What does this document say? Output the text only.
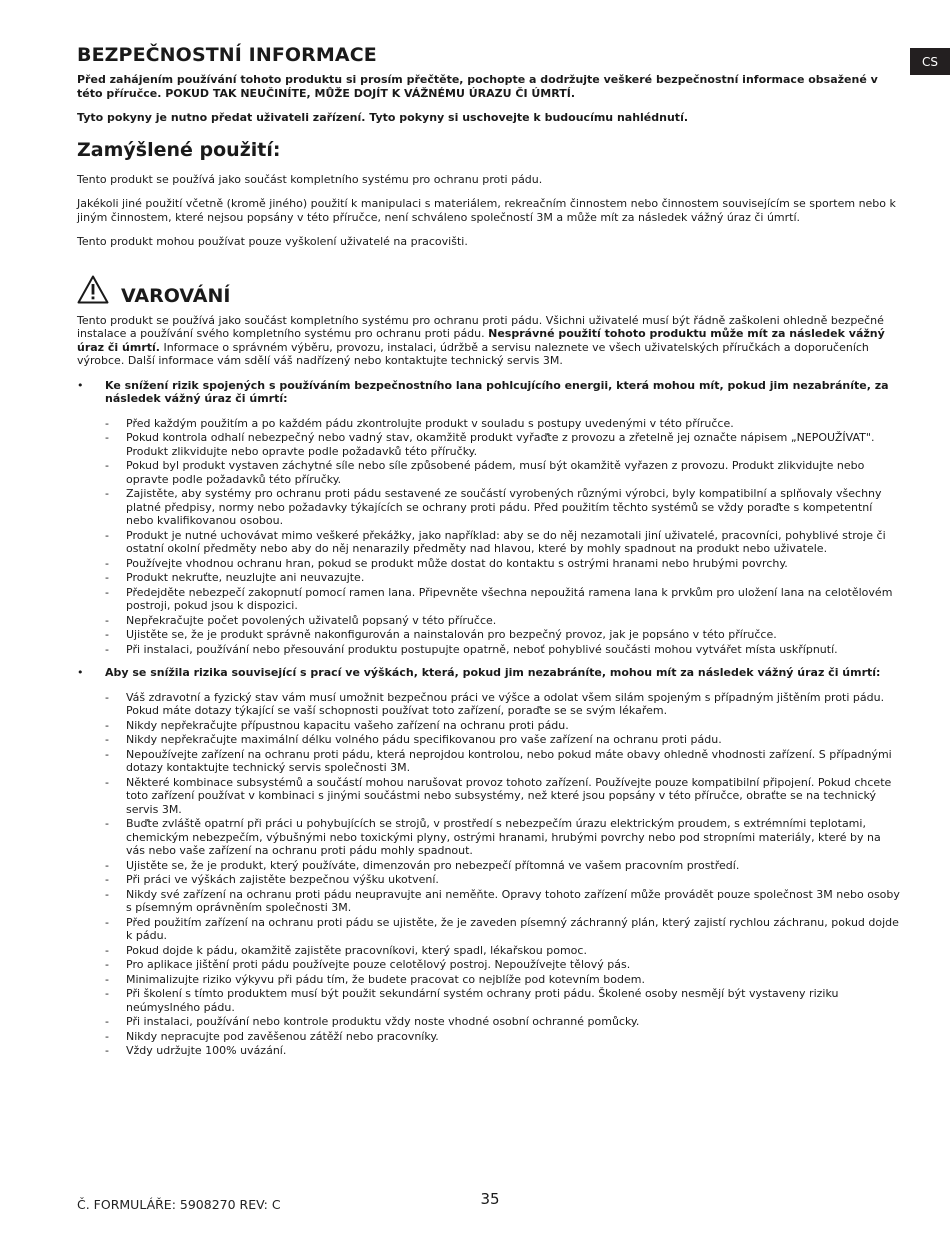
CS
BEZPEČNOSTNÍ INFORMACE

Před zahájením používání tohoto produktu si prosím přečtěte, pochopte a dodržujte veškeré bezpečnostní informace obsažené v této příručce. POKUD TAK NEUČINÍTE, MŮŽE DOJÍT K VÁŽNÉMU ÚRAZU ČI ÚMRTÍ.

Tyto pokyny je nutno předat uživateli zařízení. Tyto pokyny si uschovejte k budoucímu nahlédnutí.

Zamýšlené použití:

Tento produkt se používá jako součást kompletního systému pro ochranu proti pádu.

Jakékoli jiné použití včetně (kromě jiného) použití k manipulaci s materiálem, rekreačním činnostem nebo činnostem souvisejícím se sportem nebo k jiným činnostem, které nejsou popsány v této příručce, není schváleno společností 3M a může mít za následek vážný úraz či úmrtí.

Tento produkt mohou používat pouze vyškolení uživatelé na pracovišti.

VAROVÁNÍ

Tento produkt se používá jako součást kompletního systému pro ochranu proti pádu. Všichni uživatelé musí být řádně zaškoleni ohledně bezpečné instalace a používání svého kompletního systému pro ochranu proti pádu. Nesprávné použití tohoto produktu může mít za následek vážný úraz či úmrtí. Informace o správném výběru, provozu, instalaci, údržbě a servisu naleznete ve všech uživatelských příručkách a doporučeních výrobce. Další informace vám sdělí váš nadřízený nebo kontaktujte technický servis 3M.

• Ke snížení rizik spojených s používáním bezpečnostního lana pohlcujícího energii, která mohou mít, pokud jim nezabráníte, za následek vážný úraz či úmrtí:
- Před každým použitím a po každém pádu zkontrolujte produkt v souladu s postupy uvedenými v této příručce.
- Pokud kontrola odhalí nebezpečný nebo vadný stav, okamžitě produkt vyřaďte z provozu a zřetelně jej označte nápisem „NEPOUŽÍVAT". Produkt zlikvidujte nebo opravte podle požadavků této příručky.
- Pokud byl produkt vystaven záchytné síle nebo síle způsobené pádem, musí být okamžitě vyřazen z provozu. Produkt zlikvidujte nebo opravte podle požadavků této příručky.
- Zajistěte, aby systémy pro ochranu proti pádu sestavené ze součástí vyrobených různými výrobci, byly kompatibilní a splňovaly všechny platné předpisy, normy nebo požadavky týkajících se ochrany proti pádu. Před použitím těchto systémů se vždy poraďte s kompetentní nebo kvalifikovanou osobou.
- Produkt je nutné uchovávat mimo veškeré překážky, jako například: aby se do něj nezamotali jiní uživatelé, pracovníci, pohyblivé stroje či ostatní okolní předměty nebo aby do něj nenarazily předměty nad hlavou, které by mohly spadnout na produkt nebo uživatele.
- Používejte vhodnou ochranu hran, pokud se produkt může dostat do kontaktu s ostrými hranami nebo hrubými povrchy.
- Produkt nekruťte, neuzlujte ani neuvazujte.
- Předejděte nebezpečí zakopnutí pomocí ramen lana. Připevněte všechna nepoužitá ramena lana k prvkům pro uložení lana na celotělovém postroji, pokud jsou k dispozici.
- Nepřekračujte počet povolených uživatelů popsaný v této příručce.
- Ujistěte se, že je produkt správně nakonfigurován a nainstalován pro bezpečný provoz, jak je popsáno v této příručce.
- Při instalaci, používání nebo přesouvání produktu postupujte opatrně, neboť pohyblivé součásti mohou vytvářet místa uskřípnutí.
• Aby se snížila rizika související s prací ve výškách, která, pokud jim nezabráníte, mohou mít za následek vážný úraz či úmrtí:
- Váš zdravotní a fyzický stav vám musí umožnit bezpečnou práci ve výšce a odolat všem silám spojeným s případným jištěním proti pádu. Pokud máte dotazy týkající se vaší schopnosti používat toto zařízení, poraďte se se svým lékařem.
- Nikdy nepřekračujte přípustnou kapacitu vašeho zařízení na ochranu proti pádu.
- Nikdy nepřekračujte maximální délku volného pádu specifikovanou pro vaše zařízení na ochranu proti pádu.
- Nepoužívejte zařízení na ochranu proti pádu, která neprojdou kontrolou, nebo pokud máte obavy ohledně vhodnosti zařízení. S případnými dotazy kontaktujte technický servis společnosti 3M.
- Některé kombinace subsystémů a součástí mohou narušovat provoz tohoto zařízení. Používejte pouze kompatibilní připojení. Pokud chcete toto zařízení používat v kombinaci s jinými součástmi nebo subsystémy, než které jsou popsány v této příručce, obraťte se na technický servis 3M.
- Buďte zvláště opatrní při práci u pohybujících se strojů, v prostředí s nebezpečím úrazu elektrickým proudem, s extrémními teplotami, chemickým nebezpečím, výbušnými nebo toxickými plyny, ostrými hranami, hrubými povrchy nebo pod stropními materiály, které by na vás nebo vaše zařízení na ochranu proti pádu mohly spadnout.
- Ujistěte se, že je produkt, který používáte, dimenzován pro nebezpečí přítomná ve vašem pracovním prostředí.
- Při práci ve výškách zajistěte bezpečnou výšku ukotvení.
- Nikdy své zařízení na ochranu proti pádu neupravujte ani neměňte. Opravy tohoto zařízení může provádět pouze společnost 3M nebo osoby s písemným oprávněním společnosti 3M.
- Před použitím zařízení na ochranu proti pádu se ujistěte, že je zaveden písemný záchranný plán, který zajistí rychlou záchranu, pokud dojde k pádu.
- Pokud dojde k pádu, okamžitě zajistěte pracovníkovi, který spadl, lékařskou pomoc.
- Pro aplikace jištění proti pádu používejte pouze celotělový postroj. Nepoužívejte tělový pás.
- Minimalizujte riziko výkyvu při pádu tím, že budete pracovat co nejblíže pod kotevním bodem.
- Při školení s tímto produktem musí být použit sekundární systém ochrany proti pádu. Školené osoby nesmějí být vystaveny riziku neúmyslného pádu.
- Při instalaci, používání nebo kontrole produktu vždy noste vhodné osobní ochranné pomůcky.
- Nikdy nepracujte pod zavěšenou zátěží nebo pracovníky.
- Vždy udržujte 100% uvázání.
Č. FORMULÁŘE: 5908270 REV: C	35
